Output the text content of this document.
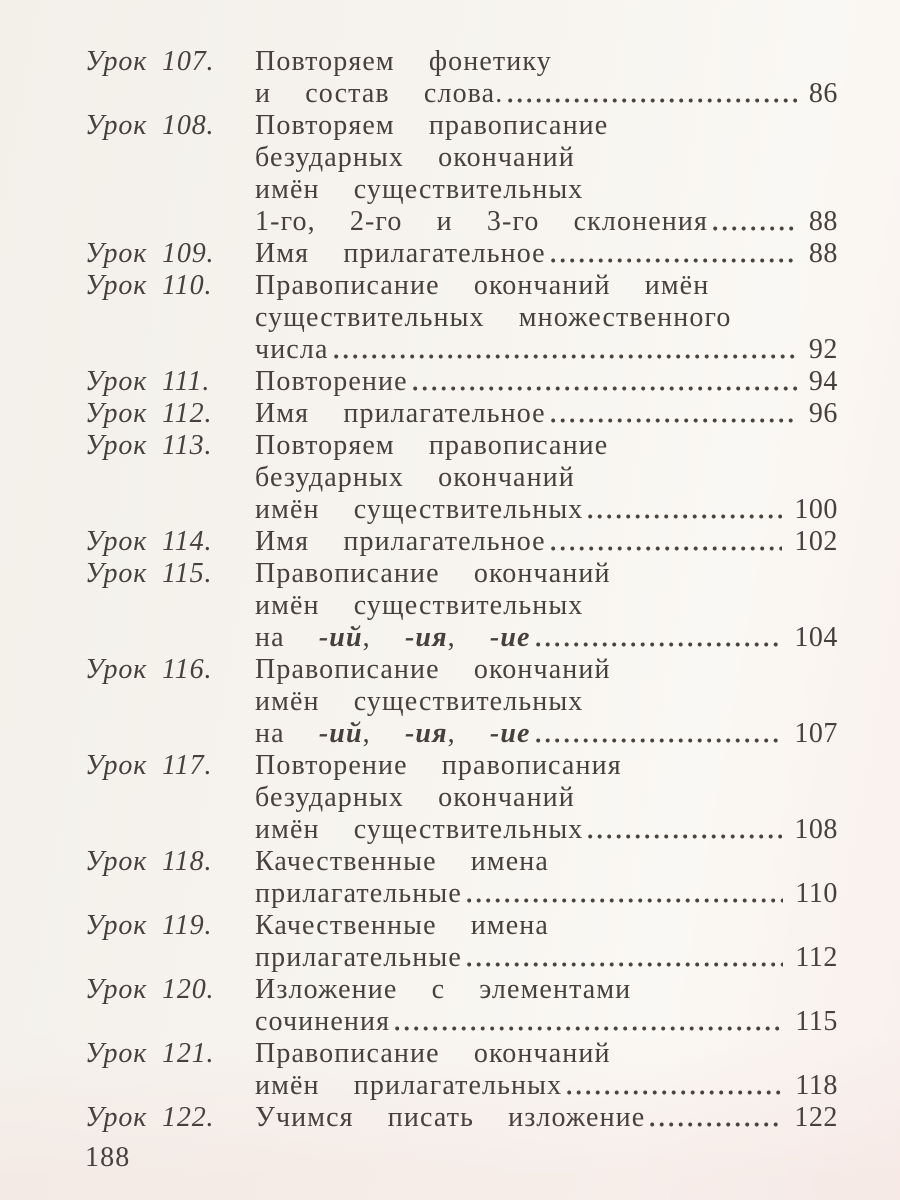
Урок 107.	Повторяем  фонетику
и  состав  слова.	86
Урок 108.	Повторяем  правописание
безударных  окончаний
имён  существительных
1-го,  2-го  и  3-го  склонения	88
Урок 109.	Имя  прилагательное	88
Урок 110.	Правописание  окончаний  имён
существительных  множественного
числа	92
Урок 111.	Повторение	94
Урок 112.	Имя  прилагательное	96
Урок 113.	Повторяем  правописание
безударных  окончаний
имён  существительных	100
Урок 114.	Имя  прилагательное	102
Урок 115.	Правописание  окончаний
имён  существительных
на  -ий,  -ия,  -ие	104
Урок 116.	Правописание  окончаний
имён  существительных
на  -ий,  -ия,  -ие	107
Урок 117.	Повторение  правописания
безударных  окончаний
имён  существительных	108
Урок 118.	Качественные  имена
прилагательные	110
Урок 119.	Качественные  имена
прилагательные	112
Урок 120.	Изложение  с  элементами
сочинения	115
Урок 121.	Правописание  окончаний
имён  прилагательных	118
Урок 122.	Учимся  писать  изложение	122
188
